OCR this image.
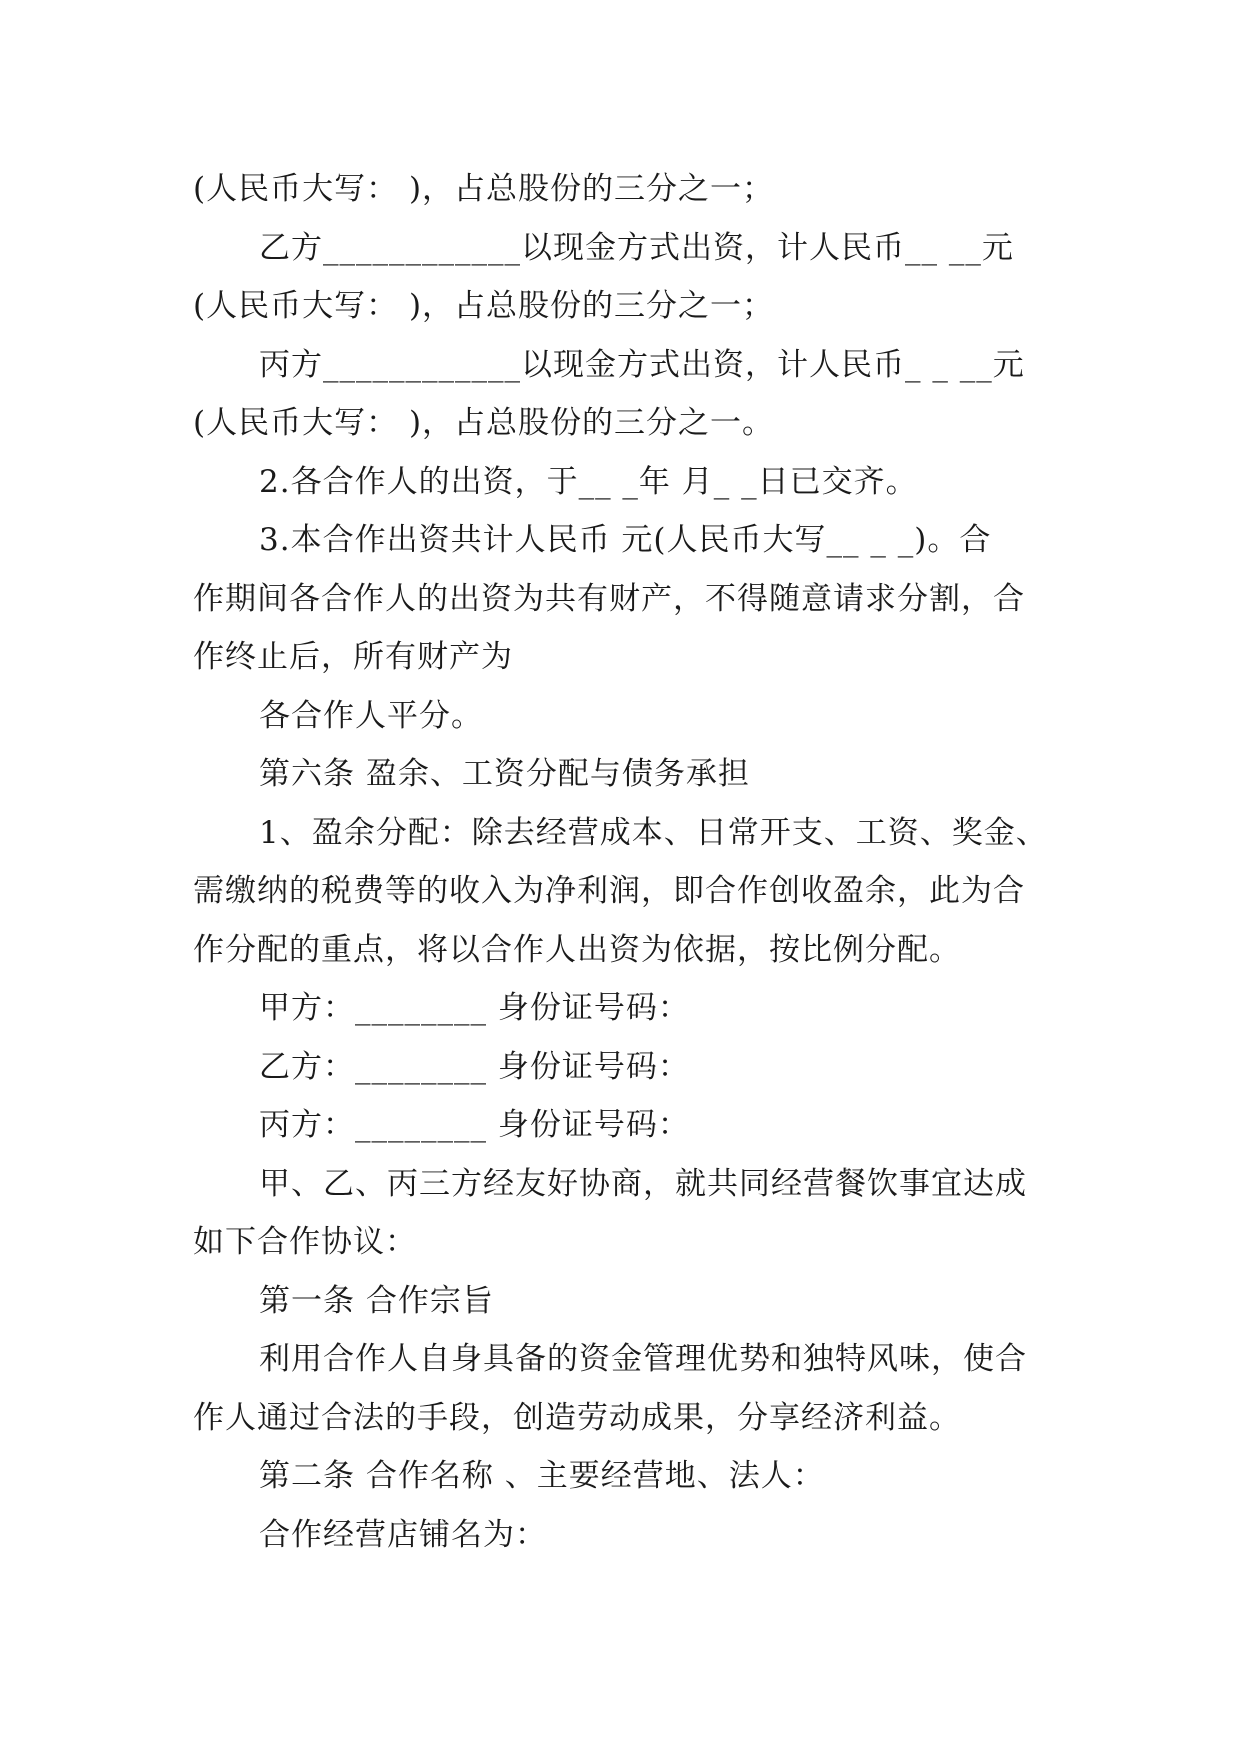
(人民币大写： )，占总股份的三分之一；
乙方____________以现金方式出资，计人民币__ __元
(人民币大写： )，占总股份的三分之一；
丙方____________以现金方式出资，计人民币_ _ __元
(人民币大写： )，占总股份的三分之一。
2.各合作人的出资，于__ _年 月_ _日已交齐。
3.本合作出资共计人民币 元(人民币大写__ _ _)。合
作期间各合作人的出资为共有财产，不得随意请求分割，合
作终止后，所有财产为
各合作人平分。
第六条 盈余、工资分配与债务承担
1、盈余分配：除去经营成本、日常开支、工资、奖金、
需缴纳的税费等的收入为净利润，即合作创收盈余，此为合
作分配的重点，将以合作人出资为依据，按比例分配。
甲方：________ 身份证号码：
乙方：________ 身份证号码：
丙方：________ 身份证号码：
甲、乙、丙三方经友好协商，就共同经营餐饮事宜达成
如下合作协议：
第一条 合作宗旨
利用合作人自身具备的资金管理优势和独特风味，使合
作人通过合法的手段，创造劳动成果，分享经济利益。
第二条 合作名称 、主要经营地、法人：
合作经营店铺名为：
